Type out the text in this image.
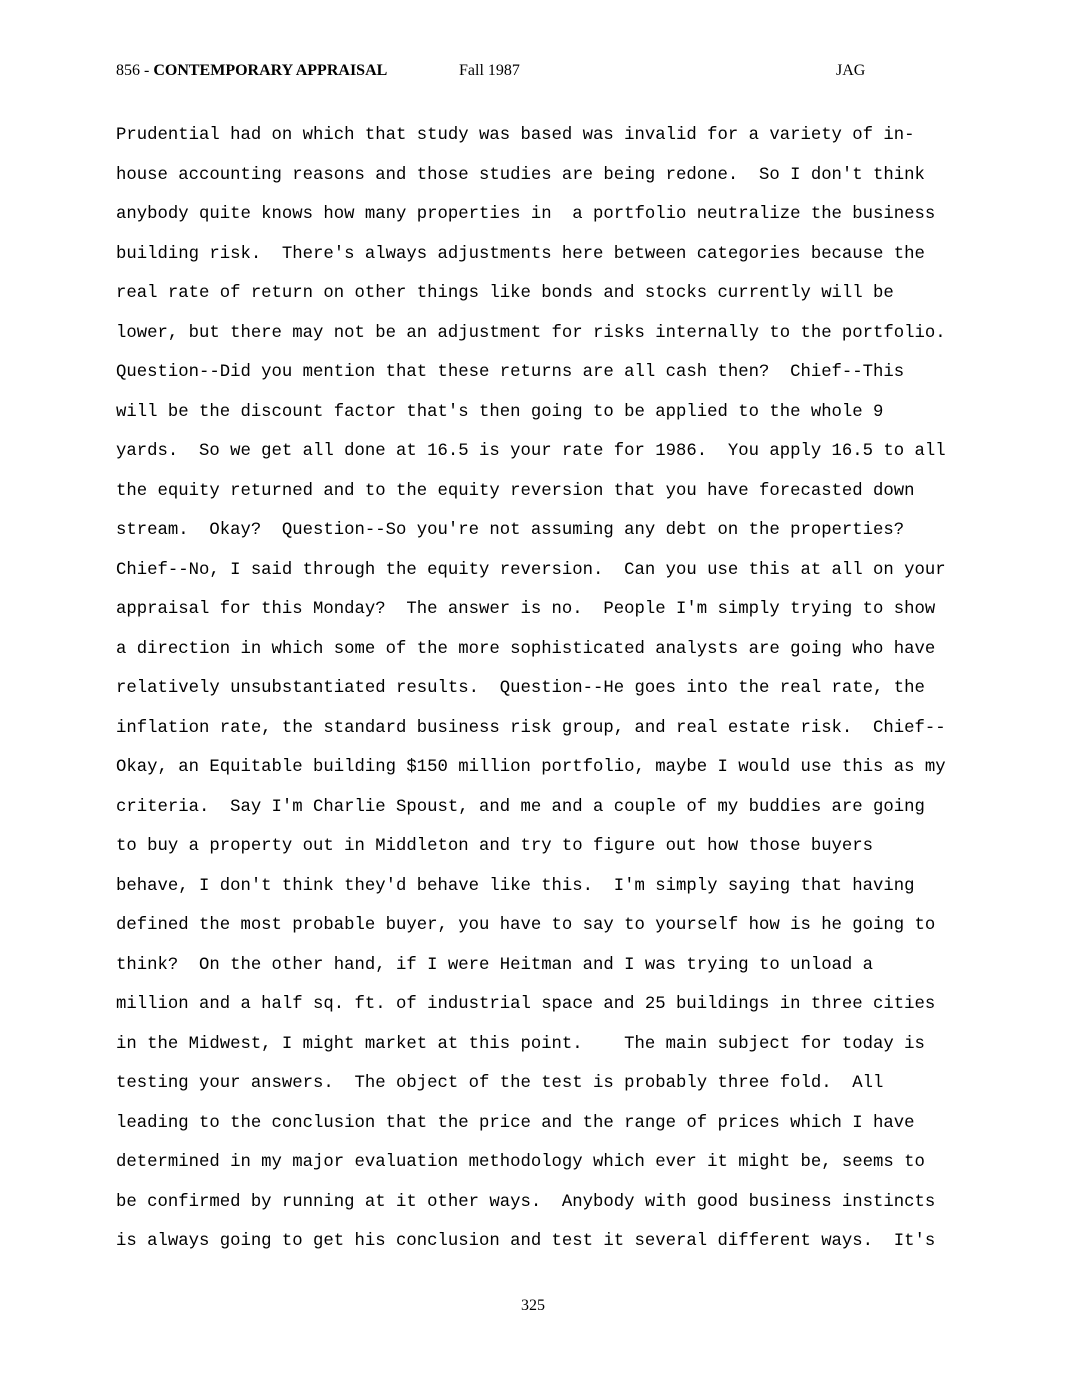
856 - CONTEMPORARY APPRAISAL	Fall 1987	JAG
Prudential had on which that study was based was invalid for a variety of in-
house accounting reasons and those studies are being redone.  So I don't think
anybody quite knows how many properties in  a portfolio neutralize the business
building risk.  There's always adjustments here between categories because the
real rate of return on other things like bonds and stocks currently will be
lower, but there may not be an adjustment for risks internally to the portfolio.
Question--Did you mention that these returns are all cash then?  Chief--This
will be the discount factor that's then going to be applied to the whole 9
yards.  So we get all done at 16.5 is your rate for 1986.  You apply 16.5 to all
the equity returned and to the equity reversion that you have forecasted down
stream.  Okay?  Question--So you're not assuming any debt on the properties?
Chief--No, I said through the equity reversion.  Can you use this at all on your
appraisal for this Monday?  The answer is no.  People I'm simply trying to show
a direction in which some of the more sophisticated analysts are going who have
relatively unsubstantiated results.  Question--He goes into the real rate, the
inflation rate, the standard business risk group, and real estate risk.  Chief--
Okay, an Equitable building $150 million portfolio, maybe I would use this as my
criteria.  Say I'm Charlie Spoust, and me and a couple of my buddies are going
to buy a property out in Middleton and try to figure out how those buyers
behave, I don't think they'd behave like this.  I'm simply saying that having
defined the most probable buyer, you have to say to yourself how is he going to
think?  On the other hand, if I were Heitman and I was trying to unload a
million and a half sq. ft. of industrial space and 25 buildings in three cities
in the Midwest, I might market at this point.    The main subject for today is
testing your answers.  The object of the test is probably three fold.  All
leading to the conclusion that the price and the range of prices which I have
determined in my major evaluation methodology which ever it might be, seems to
be confirmed by running at it other ways.  Anybody with good business instincts
is always going to get his conclusion and test it several different ways.  It's
325
